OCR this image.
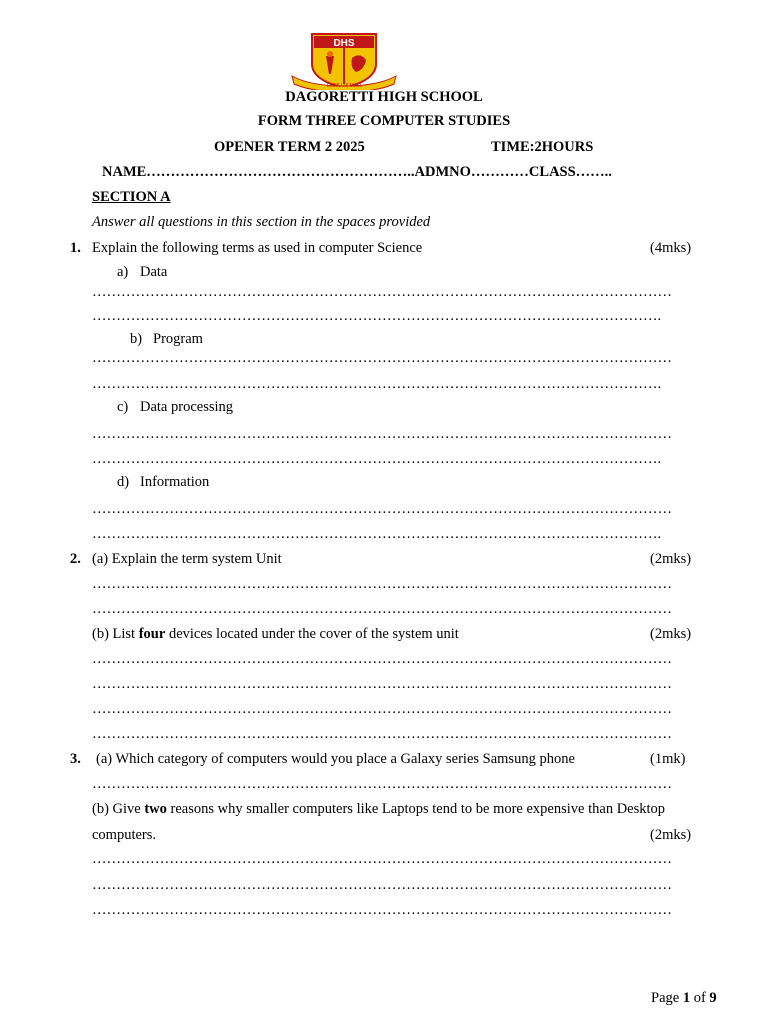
DHS
ELIMU NI MALI
DAGORETTI HIGH SCHOOL
FORM THREE COMPUTER STUDIES
OPENER TERM 2 2025	TIME:2HOURS
NAME………………………………………………..ADMNO…………CLASS……..
SECTION A
Answer all questions in this section in the spaces provided
1. Explain the following terms as used in computer Science	(4mks)
a) Data
…………………………………………………………………………………………………………
……………………………………………………………………………………………………….
b) Program
…………………………………………………………………………………………………………
……………………………………………………………………………………………………….
c) Data processing
…………………………………………………………………………………………………………
……………………………………………………………………………………………………….
d) Information
…………………………………………………………………………………………………………
……………………………………………………………………………………………………….
2. (a) Explain the term system Unit	(2mks)
…………………………………………………………………………………………………………
…………………………………………………………………………………………………………
(b) List four devices located under the cover of the system unit	(2mks)
…………………………………………………………………………………………………………
…………………………………………………………………………………………………………
…………………………………………………………………………………………………………
…………………………………………………………………………………………………………
3. (a) Which category of computers would you place a Galaxy series Samsung phone	(1mk)
…………………………………………………………………………………………………………
(b) Give two reasons why smaller computers like Laptops tend to be more expensive than Desktop
computers.	(2mks)
…………………………………………………………………………………………………………
…………………………………………………………………………………………………………
…………………………………………………………………………………………………………
Page 1 of 9
